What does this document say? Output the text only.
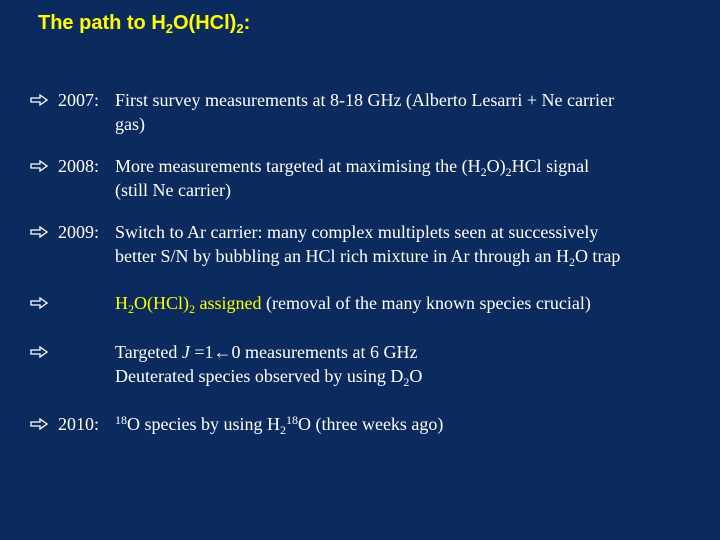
The path to $H_2O(HCl)_2$:
2007: First survey measurements at 8-18 GHz (Alberto Lesarri + Ne carrier
gas)
2008: More measurements targeted at maximising the $(H_2O)_2HCl$ signal
(still Ne carrier)
2009: Switch to Ar carrier: many complex multiplets seen at successively
better S/N by bubbling an HCl rich mixture in Ar through an $H_2O$ trap
$H_2O(HCl)_2$ assigned (removal of the many known species crucial)
Targeted J =1←0 measurements at 6 GHz
Deuterated species observed by using $D_2O$
2010: $^{18}$O species by using $H_2^{18}O$ (three weeks ago)
